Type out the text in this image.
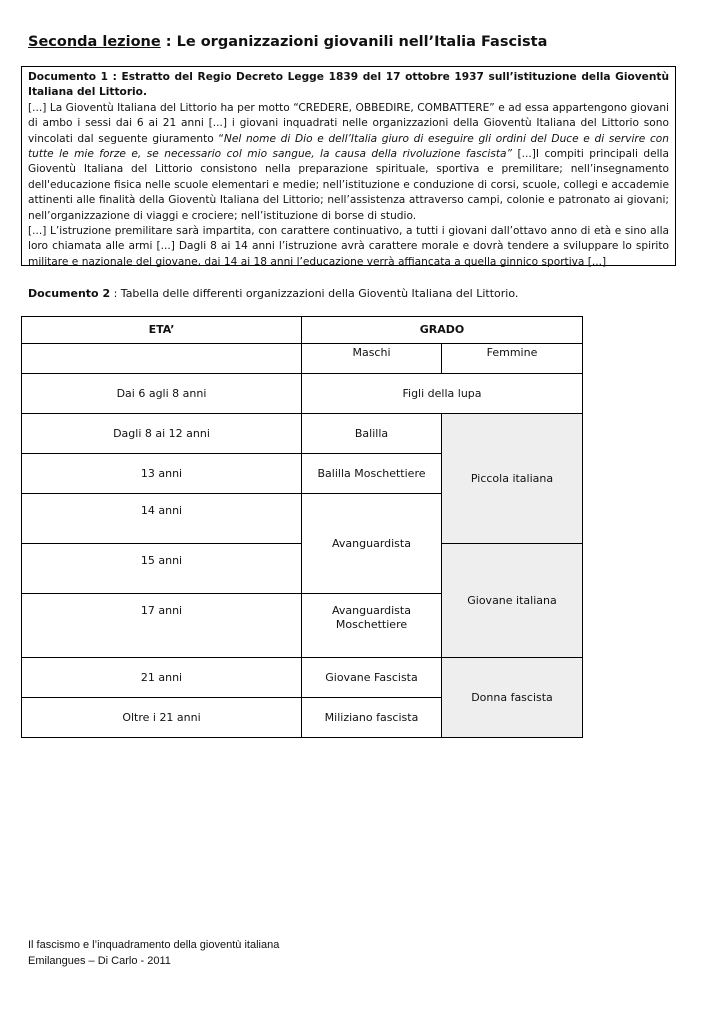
Seconda lezione : Le organizzazioni giovanili nell’Italia Fascista

Documento 1 : Estratto del Regio Decreto Legge 1839 del 17 ottobre 1937 sull’istituzione della Gioventù Italiana del Littorio.

[...] La Gioventù Italiana del Littorio ha per motto “CREDERE, OBBEDIRE, COMBATTERE” e ad essa appartengono giovani di ambo i sessi dai 6 ai 21 anni [...] i giovani inquadrati nelle organizzazioni della Gioventù Italiana del Littorio sono vincolati dal seguente giuramento “Nel nome di Dio e dell’Italia giuro di eseguire gli ordini del Duce e di servire con tutte le mie forze e, se necessario col mio sangue, la causa della rivoluzione fascista” [...]I compiti principali della Gioventù Italiana del Littorio consistono nella preparazione spirituale, sportiva e premilitare; nell’insegnamento dell'educazione fisica nelle scuole elementari e medie; nell’istituzione e conduzione di corsi, scuole, collegi e accademie attinenti alle finalità della Gioventù Italiana del Littorio; nell’assistenza attraverso campi, colonie e patronato ai giovani; nell’organizzazione di viaggi e crociere; nell’istituzione di borse di studio.

[...] L’istruzione premilitare sarà impartita, con carattere continuativo, a tutti i giovani dall’ottavo anno di età e sino alla loro chiamata alle armi [...] Dagli 8 ai 14 anni l’istruzione avrà carattere morale e dovrà tendere a sviluppare lo spirito militare e nazionale del giovane, dai 14 ai 18 anni l’educazione verrà affiancata a quella ginnico sportiva [...]

Documento 2 : Tabella delle differenti organizzazioni della Gioventù Italiana del Littorio.
ETA’	GRADO	
	Maschi	Femmine
Dai 6 agli 8 anni	Figli della lupa	
Dagli 8 ai 12 anni	Balilla	Piccola italiana
13 anni	Balilla Moschettiere	
14 anni	Avanguardista	
15 anni		Giovane italiana
17 anni	Avanguardista Moschettiere	
21 anni	Giovane Fascista	Donna fascista
Oltre i 21 anni	Miliziano fascista	
Il fascismo e l’inquadramento della gioventù italiana
Emilangues – Di Carlo - 2011
